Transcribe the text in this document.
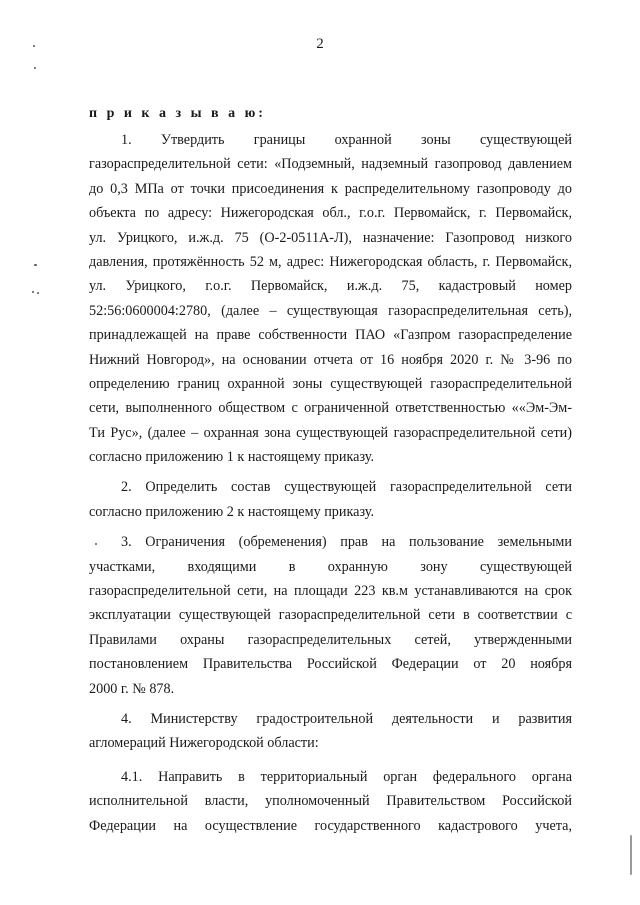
2
п р и к а з ы в а ю:
1. Утвердить границы охранной зоны существующей
газораспределительной сети: «Подземный, надземный газопровод давлением
до 0,3 МПа от точки присоединения к распределительному газопроводу до
объекта по адресу: Нижегородская обл., г.о.г. Первомайск, г. Первомайск,
ул. Урицкого, и.ж.д. 75 (О-2-0511А-Л), назначение: Газопровод низкого
давления, протяжённость 52 м, адрес: Нижегородская область, г. Первомайск,
ул. Урицкого, г.о.г. Первомайск, и.ж.д. 75, кадастровый номер
52:56:0600004:2780, (далее – существующая газораспределительная сеть),
принадлежащей на праве собственности ПАО «Газпром газораспределение
Нижний Новгород», на основании отчета от 16 ноября 2020 г. № 3-96 по
определению границ охранной зоны существующей газораспределительной
сети, выполненного обществом с ограниченной ответственностью ««Эм-Эм-
Ти Рус», (далее – охранная зона существующей газораспределительной сети)
согласно приложению 1 к настоящему приказу.
2. Определить состав существующей газораспределительной сети
согласно приложению 2 к настоящему приказу.
3. Ограничения (обременения) прав на пользование земельными
участками, входящими в охранную зону существующей
газораспределительной сети, на площади 223 кв.м устанавливаются на срок
эксплуатации существующей газораспределительной сети в соответствии с
Правилами охраны газораспределительных сетей, утвержденными
постановлением Правительства Российской Федерации от 20 ноября
2000 г. № 878.
4. Министерству градостроительной деятельности и развития
агломераций Нижегородской области:
4.1. Направить в территориальный орган федерального органа
исполнительной власти, уполномоченный Правительством Российской
Федерации на осуществление государственного кадастрового учета,
